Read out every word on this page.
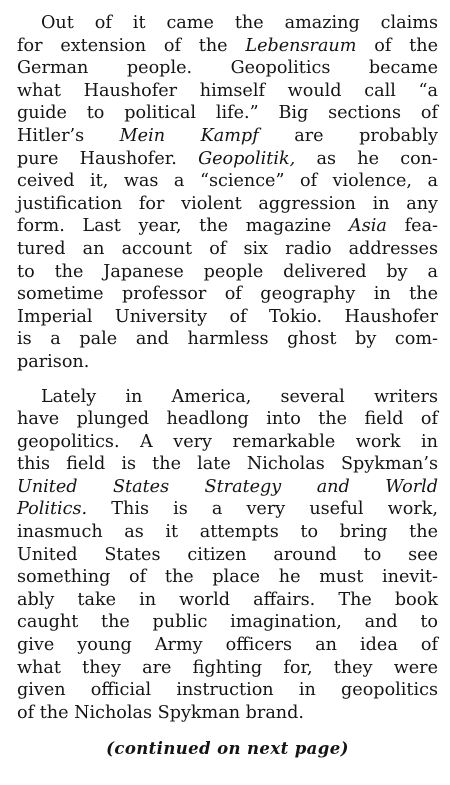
Out of it came the amazing claims
for extension of the Lebensraum of the
German people. Geopolitics became
what Haushofer himself would call “a
guide to political life.” Big sections of
Hitler’s Mein Kampf are probably
pure Haushofer. Geopolitik, as he con-
ceived it, was a “science” of violence, a
justification for violent aggression in any
form. Last year, the magazine Asia fea-
tured an account of six radio addresses
to the Japanese people delivered by a
sometime professor of geography in the
Imperial University of Tokio. Haushofer
is a pale and harmless ghost by com-
parison.
Lately in America, several writers
have plunged headlong into the field of
geopolitics. A very remarkable work in
this field is the late Nicholas Spykman’s
United States Strategy and World
Politics. This is a very useful work,
inasmuch as it attempts to bring the
United States citizen around to see
something of the place he must inevit-
ably take in world affairs. The book
caught the public imagination, and to
give young Army officers an idea of
what they are fighting for, they were
given official instruction in geopolitics
of the Nicholas Spykman brand.
(continued on next page)
